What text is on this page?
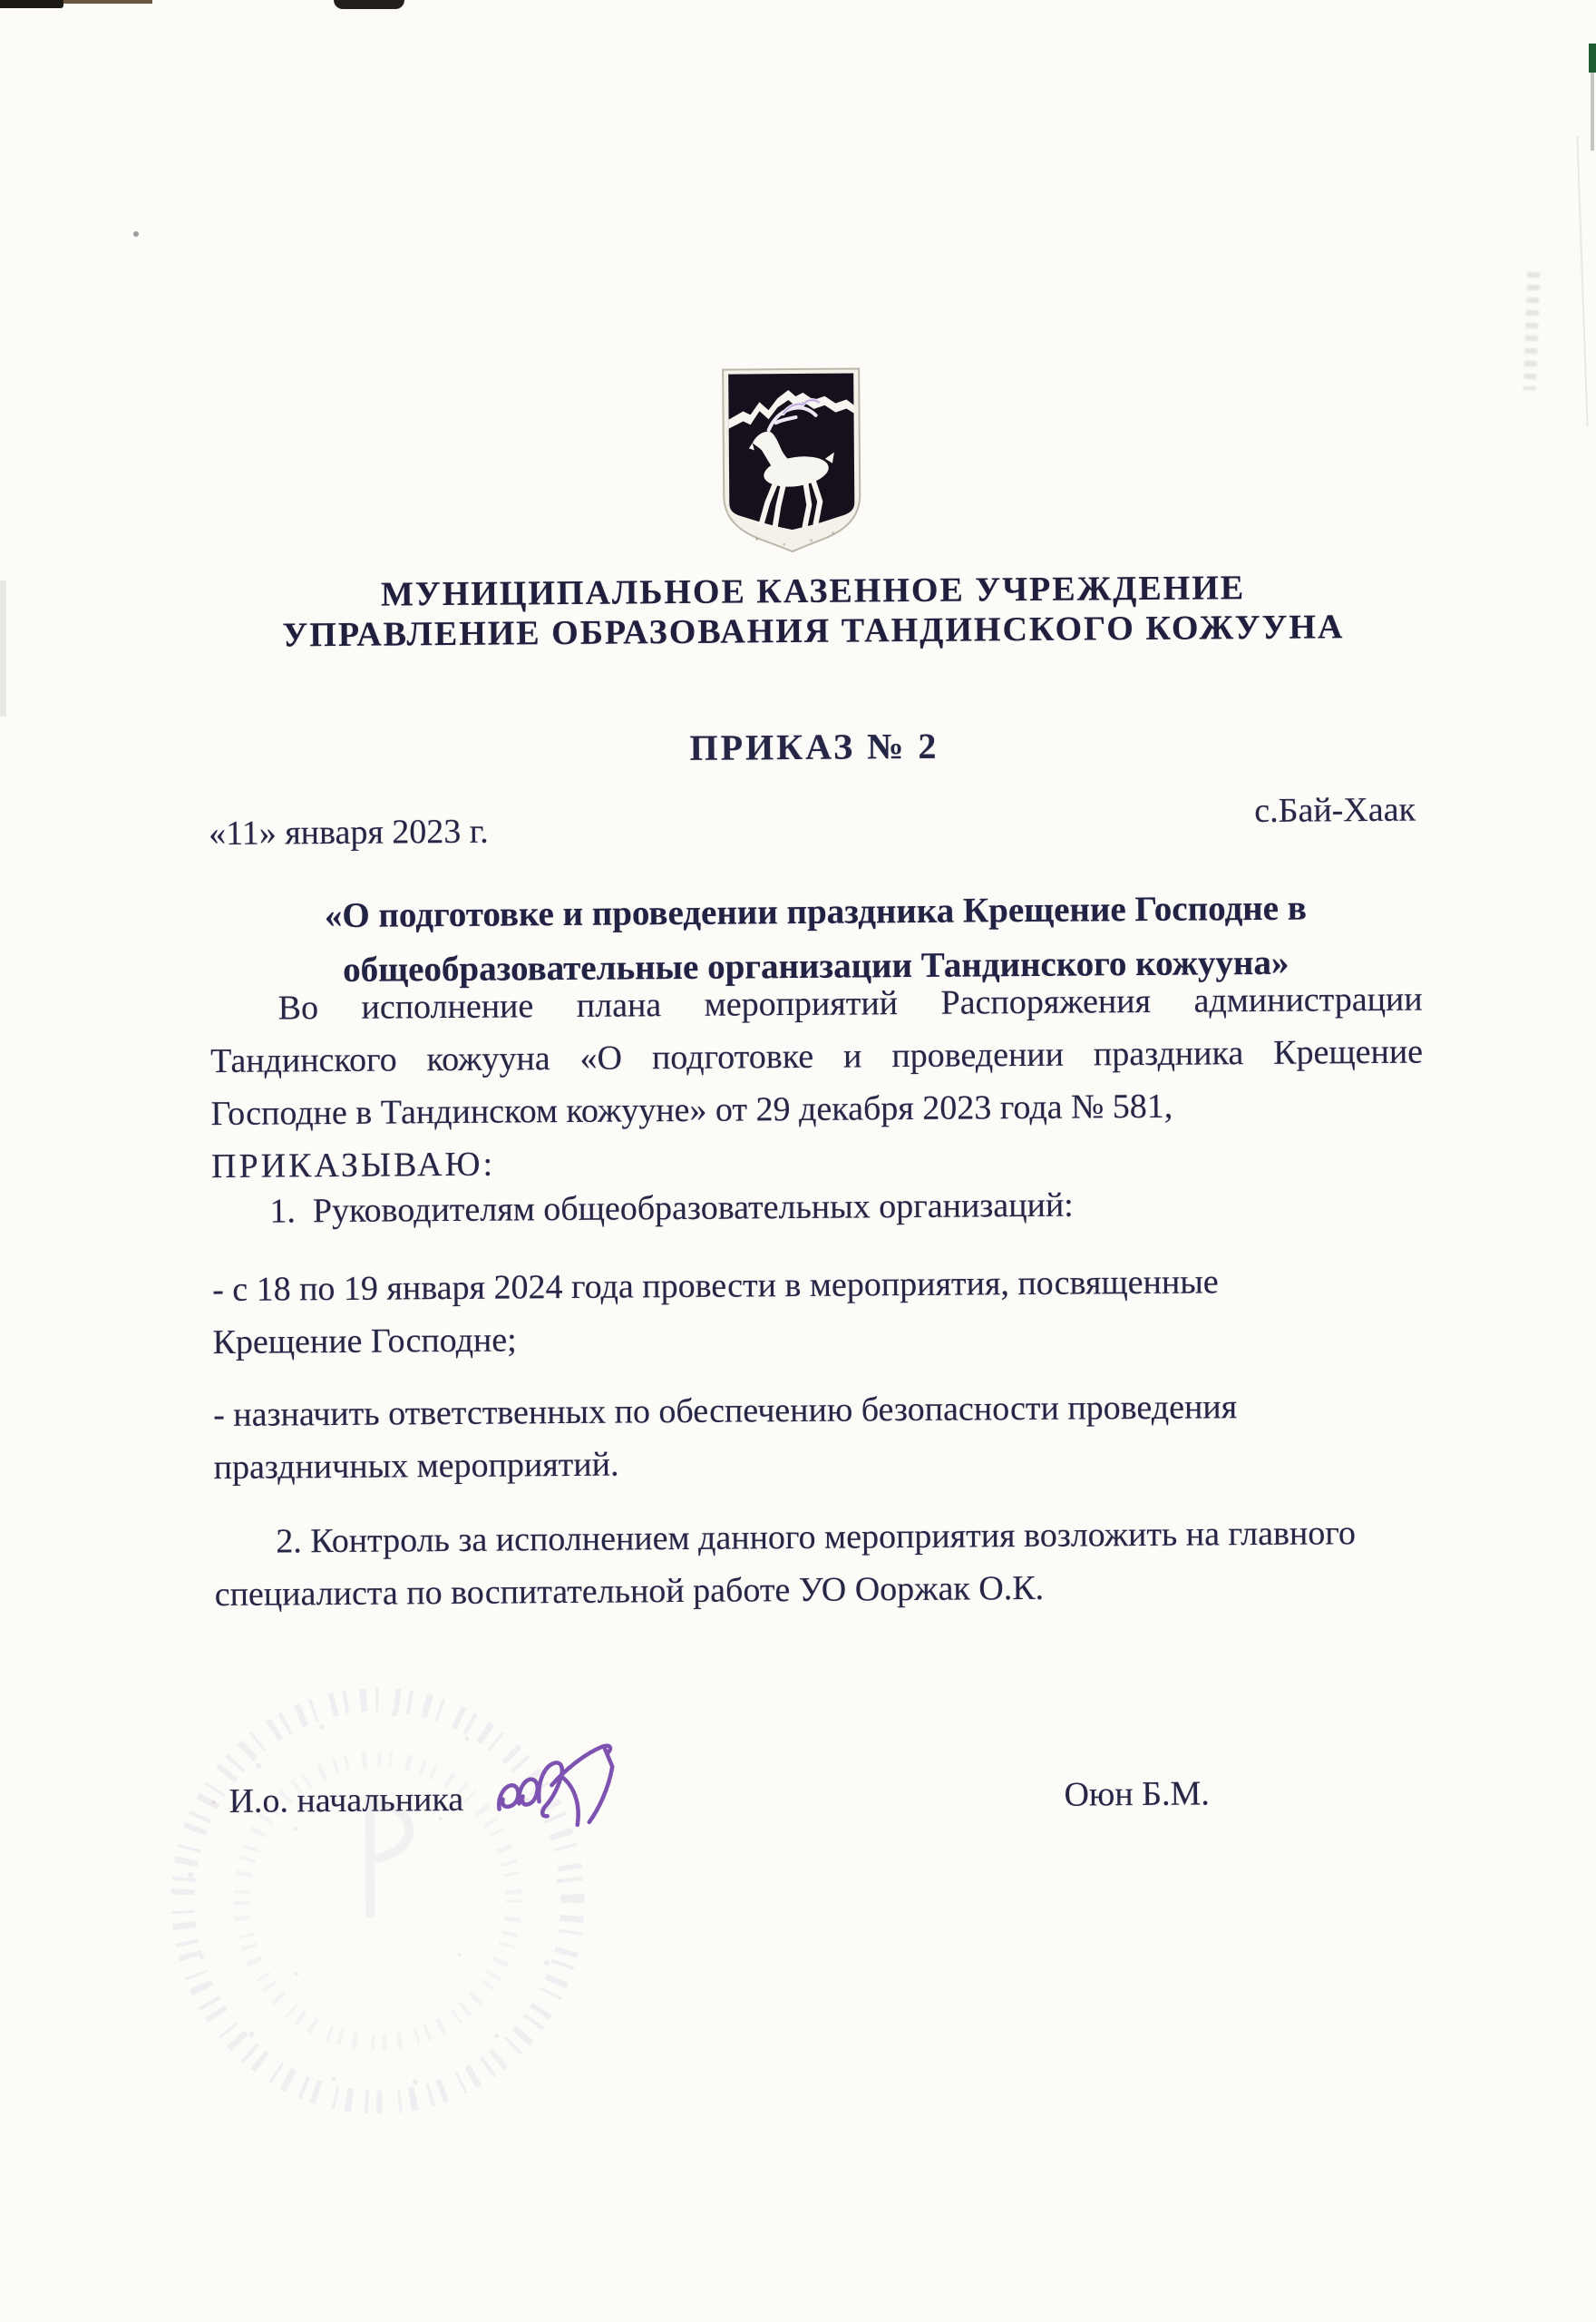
МУНИЦИПАЛЬНОЕ КАЗЕННОЕ УЧРЕЖДЕНИЕ
УПРАВЛЕНИЕ ОБРАЗОВАНИЯ ТАНДИНСКОГО КОЖУУНА
ПРИКАЗ № 2
«11» января 2023 г.
с.Бай-Хаак
«О подготовке и проведении праздника Крещение Господне в
общеобразовательные организации Тандинского кожууна»
Во исполнение плана мероприятий Распоряжения администрации
Тандинского кожууна «О подготовке и проведении праздника Крещение
Господне в Тандинском кожууне» от 29 декабря 2023 года № 581,
ПРИКАЗЫВАЮ:
1.  Руководителям общеобразовательных организаций:
- с 18 по 19 января 2024 года провести в мероприятия, посвященные
Крещение Господне;
- назначить ответственных по обеспечению безопасности проведения
праздничных мероприятий.
2. Контроль за исполнением данного мероприятия возложить на главного
специалиста по воспитательной работе УО Ооржак О.К.
И.о. начальника	Оюн Б.М.
